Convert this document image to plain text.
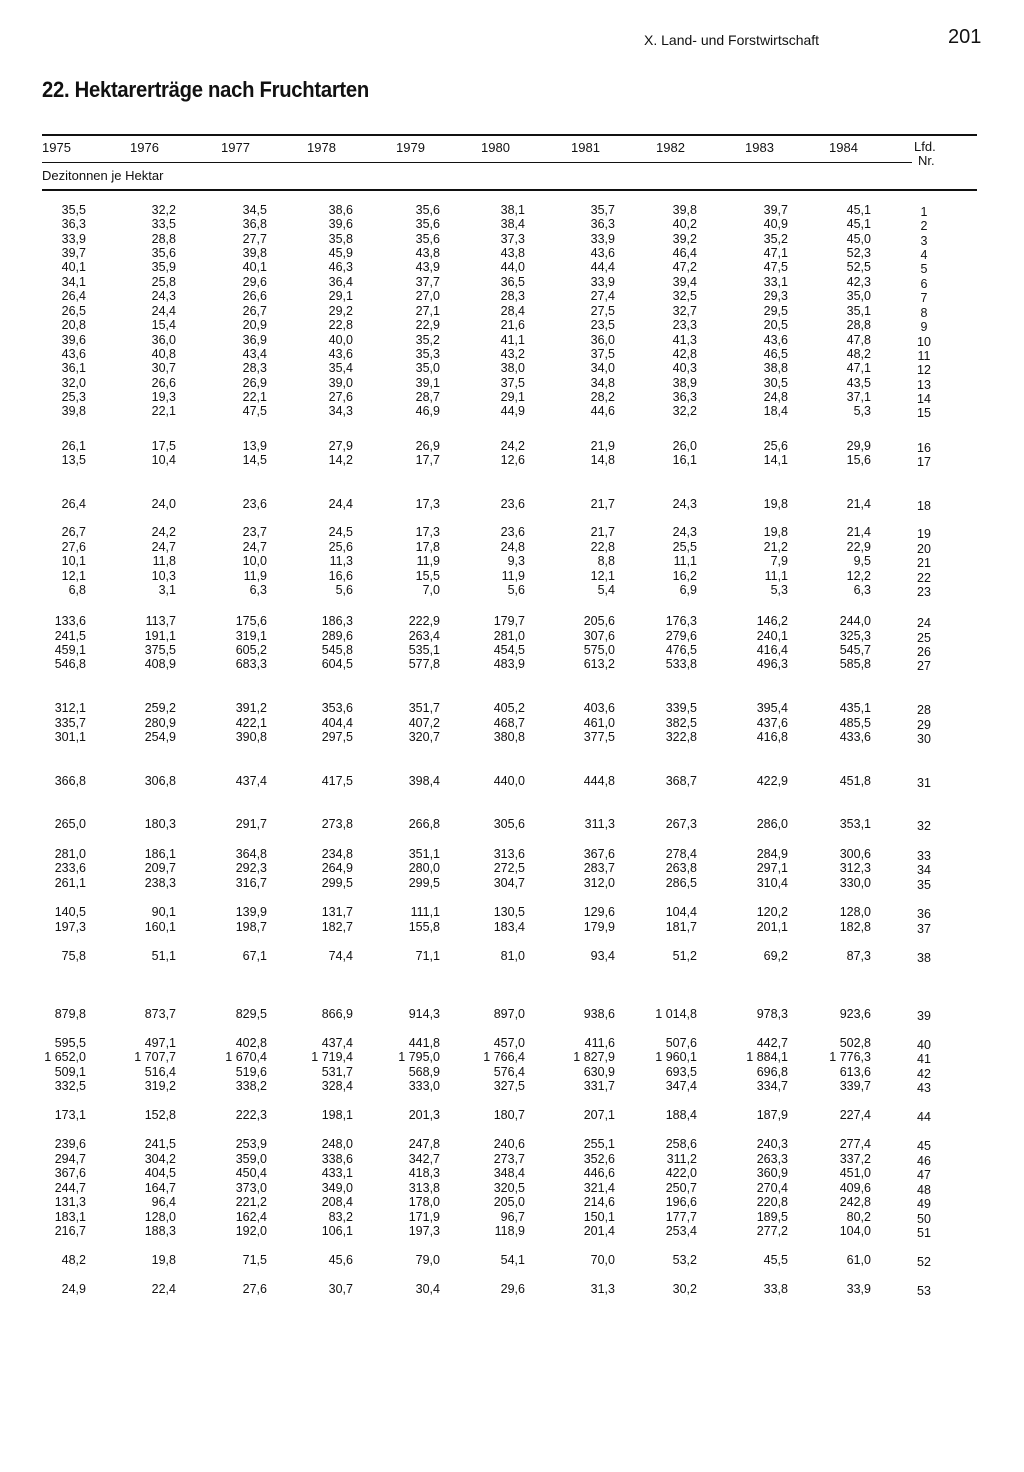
X. Land- und Forstwirtschaft	201
22. Hektarerträge nach Fruchtarten
1975	1976	1977	1978	1979	1980	1981	1982	1983	1984	Lfd.
Nr.
Dezitonnen je Hektar
35,5	32,2	34,5	38,6	35,6	38,1	35,7	39,8	39,7	45,1	1
36,3	33,5	36,8	39,6	35,6	38,4	36,3	40,2	40,9	45,1	2
33,9	28,8	27,7	35,8	35,6	37,3	33,9	39,2	35,2	45,0	3
39,7	35,6	39,8	45,9	43,8	43,8	43,6	46,4	47,1	52,3	4
40,1	35,9	40,1	46,3	43,9	44,0	44,4	47,2	47,5	52,5	5
34,1	25,8	29,6	36,4	37,7	36,5	33,9	39,4	33,1	42,3	6
26,4	24,3	26,6	29,1	27,0	28,3	27,4	32,5	29,3	35,0	7
26,5	24,4	26,7	29,2	27,1	28,4	27,5	32,7	29,5	35,1	8
20,8	15,4	20,9	22,8	22,9	21,6	23,5	23,3	20,5	28,8	9
39,6	36,0	36,9	40,0	35,2	41,1	36,0	41,3	43,6	47,8	10
43,6	40,8	43,4	43,6	35,3	43,2	37,5	42,8	46,5	48,2	11
36,1	30,7	28,3	35,4	35,0	38,0	34,0	40,3	38,8	47,1	12
32,0	26,6	26,9	39,0	39,1	37,5	34,8	38,9	30,5	43,5	13
25,3	19,3	22,1	27,6	28,7	29,1	28,2	36,3	24,8	37,1	14
39,8	22,1	47,5	34,3	46,9	44,9	44,6	32,2	18,4	5,3	15
26,1	17,5	13,9	27,9	26,9	24,2	21,9	26,0	25,6	29,9	16
13,5	10,4	14,5	14,2	17,7	12,6	14,8	16,1	14,1	15,6	17
26,4	24,0	23,6	24,4	17,3	23,6	21,7	24,3	19,8	21,4	18
26,7	24,2	23,7	24,5	17,3	23,6	21,7	24,3	19,8	21,4	19
27,6	24,7	24,7	25,6	17,8	24,8	22,8	25,5	21,2	22,9	20
10,1	11,8	10,0	11,3	11,9	9,3	8,8	11,1	7,9	9,5	21
12,1	10,3	11,9	16,6	15,5	11,9	12,1	16,2	11,1	12,2	22
6,8	3,1	6,3	5,6	7,0	5,6	5,4	6,9	5,3	6,3	23
133,6	113,7	175,6	186,3	222,9	179,7	205,6	176,3	146,2	244,0	24
241,5	191,1	319,1	289,6	263,4	281,0	307,6	279,6	240,1	325,3	25
459,1	375,5	605,2	545,8	535,1	454,5	575,0	476,5	416,4	545,7	26
546,8	408,9	683,3	604,5	577,8	483,9	613,2	533,8	496,3	585,8	27
312,1	259,2	391,2	353,6	351,7	405,2	403,6	339,5	395,4	435,1	28
335,7	280,9	422,1	404,4	407,2	468,7	461,0	382,5	437,6	485,5	29
301,1	254,9	390,8	297,5	320,7	380,8	377,5	322,8	416,8	433,6	30
366,8	306,8	437,4	417,5	398,4	440,0	444,8	368,7	422,9	451,8	31
265,0	180,3	291,7	273,8	266,8	305,6	311,3	267,3	286,0	353,1	32
281,0	186,1	364,8	234,8	351,1	313,6	367,6	278,4	284,9	300,6	33
233,6	209,7	292,3	264,9	280,0	272,5	283,7	263,8	297,1	312,3	34
261,1	238,3	316,7	299,5	299,5	304,7	312,0	286,5	310,4	330,0	35
140,5	90,1	139,9	131,7	111,1	130,5	129,6	104,4	120,2	128,0	36
197,3	160,1	198,7	182,7	155,8	183,4	179,9	181,7	201,1	182,8	37
75,8	51,1	67,1	74,4	71,1	81,0	93,4	51,2	69,2	87,3	38
879,8	873,7	829,5	866,9	914,3	897,0	938,6	1 014,8	978,3	923,6	39
595,5	497,1	402,8	437,4	441,8	457,0	411,6	507,6	442,7	502,8	40
1 652,0	1 707,7	1 670,4	1 719,4	1 795,0	1 766,4	1 827,9	1 960,1	1 884,1	1 776,3	41
509,1	516,4	519,6	531,7	568,9	576,4	630,9	693,5	696,8	613,6	42
332,5	319,2	338,2	328,4	333,0	327,5	331,7	347,4	334,7	339,7	43
173,1	152,8	222,3	198,1	201,3	180,7	207,1	188,4	187,9	227,4	44
239,6	241,5	253,9	248,0	247,8	240,6	255,1	258,6	240,3	277,4	45
294,7	304,2	359,0	338,6	342,7	273,7	352,6	311,2	263,3	337,2	46
367,6	404,5	450,4	433,1	418,3	348,4	446,6	422,0	360,9	451,0	47
244,7	164,7	373,0	349,0	313,8	320,5	321,4	250,7	270,4	409,6	48
131,3	96,4	221,2	208,4	178,0	205,0	214,6	196,6	220,8	242,8	49
183,1	128,0	162,4	83,2	171,9	96,7	150,1	177,7	189,5	80,2	50
216,7	188,3	192,0	106,1	197,3	118,9	201,4	253,4	277,2	104,0	51
48,2	19,8	71,5	45,6	79,0	54,1	70,0	53,2	45,5	61,0	52
24,9	22,4	27,6	30,7	30,4	29,6	31,3	30,2	33,8	33,9	53
